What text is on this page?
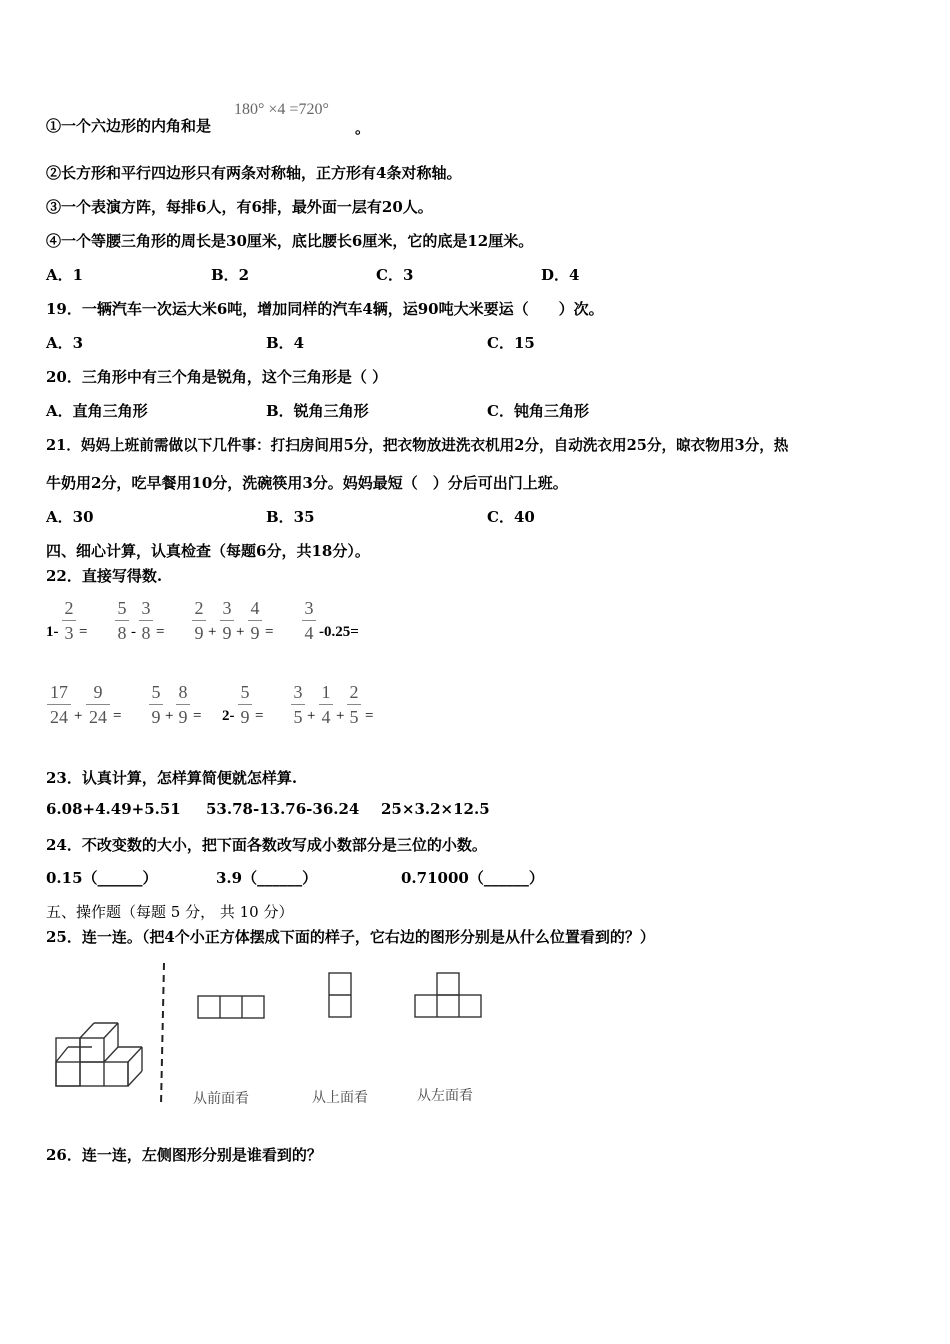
①一个六边形的内角和是
180° ×4 =720°
。
②长方形和平行四边形只有两条对称轴，正方形有4条对称轴。
③一个表演方阵，每排6人，有6排，最外面一层有20人。
④一个等腰三角形的周长是30厘米，底比腰长6厘米，它的底是12厘米。
A．1	B．2	C．3	D．4
19．一辆汽车一次运大米6吨，增加同样的汽车4辆，运90吨大米要运（　　）次。
A．3	B．4	C．15
20．三角形中有三个角是锐角，这个三角形是（ ）
A．直角三角形	B．锐角三角形	C．钝角三角形
21．妈妈上班前需做以下几件事：打扫房间用5分，把衣物放进洗衣机用2分，自动洗衣用25分，晾衣物用3分，热
牛奶用2分，吃早餐用10分，洗碗筷用3分。妈妈最短（　）分后可出门上班。
A．30	B．35	C．40
四、细心计算，认真检查（每题6分，共18分）。
22．直接写得数.
1-
2
3 =
5
8 -
3
8 =
2
9 +
3
9 +
4
9 =
3
4 -0.25=
17
24 +
9
24 =
5
9 +
8
9 = 2-
5
9 =
3
5 +
1
4 +
2
5 =
23．认真计算，怎样算简便就怎样算.
6.08+4.49+5.51 53.78-13.76-36.24 25×3.2×12.5
24．不改变数的大小，把下面各数改写成小数部分是三位的小数。
0.15（______）	3.9（______）	0.71000（______）
五、操作题（每题 5 分， 共 10 分）
25．连一连。（把4个小正方体摆成下面的样子，它右边的图形分别是从什么位置看到的？）
从前面看	从上面看	从左面看
26．连一连，左侧图形分别是谁看到的？
